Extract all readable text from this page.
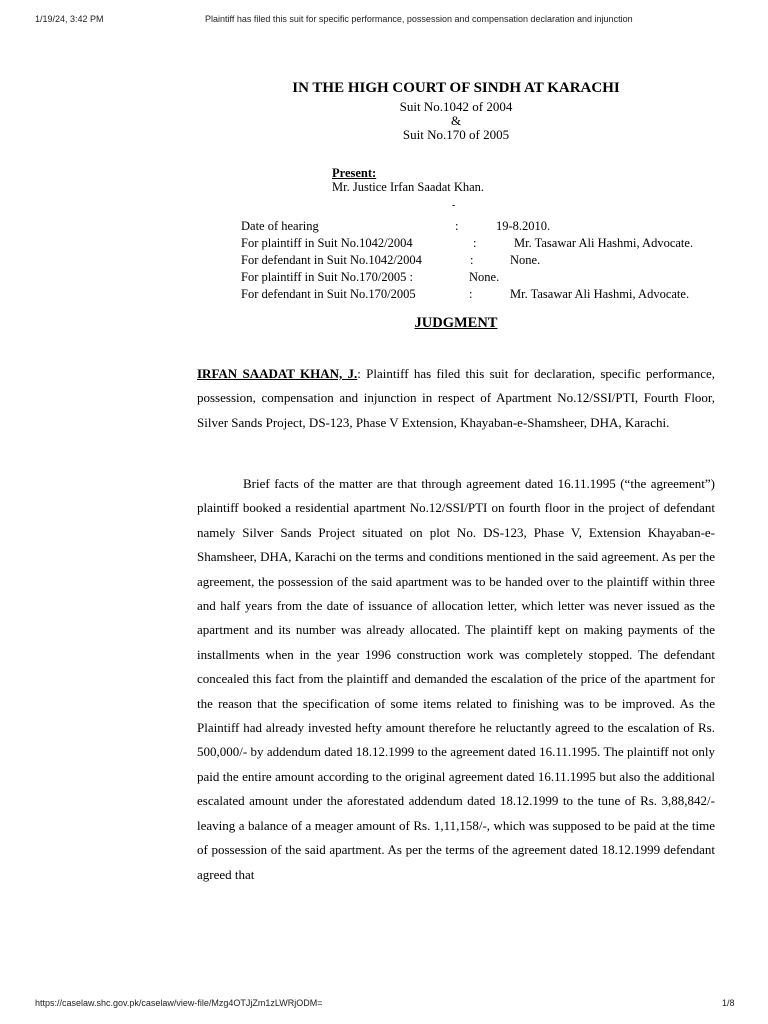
1/19/24, 3:42 PM	Plaintiff has filed this suit for specific performance, possession and compensation declaration and injunction
IN THE HIGH COURT OF SINDH AT KARACHI
Suit No.1042 of 2004
&
Suit No.170 of 2005
Present:
Mr. Justice Irfan Saadat Khan.
-
Date of hearing	:	19-8.2010.
For plaintiff in Suit No.1042/2004	:	Mr. Tasawar Ali Hashmi, Advocate.
For defendant in Suit No.1042/2004	:	None.
For plaintiff in Suit No.170/2005 :	None.
For defendant in Suit No.170/2005	:	Mr. Tasawar Ali Hashmi, Advocate.
JUDGMENT
IRFAN SAADAT KHAN, J.: Plaintiff has filed this suit for declaration, specific performance, possession, compensation and injunction in respect of Apartment No.12/SSI/PTI, Fourth Floor, Silver Sands Project, DS-123, Phase V Extension, Khayaban-e-Shamsheer, DHA, Karachi.
Brief facts of the matter are that through agreement dated 16.11.1995 (“the agreement”) plaintiff booked a residential apartment No.12/SSI/PTI on fourth floor in the project of defendant namely Silver Sands Project situated on plot No. DS-123, Phase V, Extension Khayaban-e- Shamsheer, DHA, Karachi on the terms and conditions mentioned in the said agreement. As per the agreement, the possession of the said apartment was to be handed over to the plaintiff within three and half years from the date of issuance of allocation letter, which letter was never issued as the apartment and its number was already allocated. The plaintiff kept on making payments of the installments when in the year 1996 construction work was completely stopped. The defendant concealed this fact from the plaintiff and demanded the escalation of the price of the apartment for the reason that the specification of some items related to finishing was to be improved. As the Plaintiff had already invested hefty amount therefore he reluctantly agreed to the escalation of Rs. 500,000/- by addendum dated 18.12.1999 to the agreement dated 16.11.1995. The plaintiff not only paid the entire amount according to the original agreement dated 16.11.1995 but also the additional escalated amount under the aforestated addendum dated 18.12.1999 to the tune of Rs. 3,88,842/- leaving a balance of a meager amount of Rs. 1,11,158/-, which was supposed to be paid at the time of possession of the said apartment. As per the terms of the agreement dated 18.12.1999 defendant agreed that
https://caselaw.shc.gov.pk/caselaw/view-file/Mzg4OTJjZm1zLWRjODM=	1/8
